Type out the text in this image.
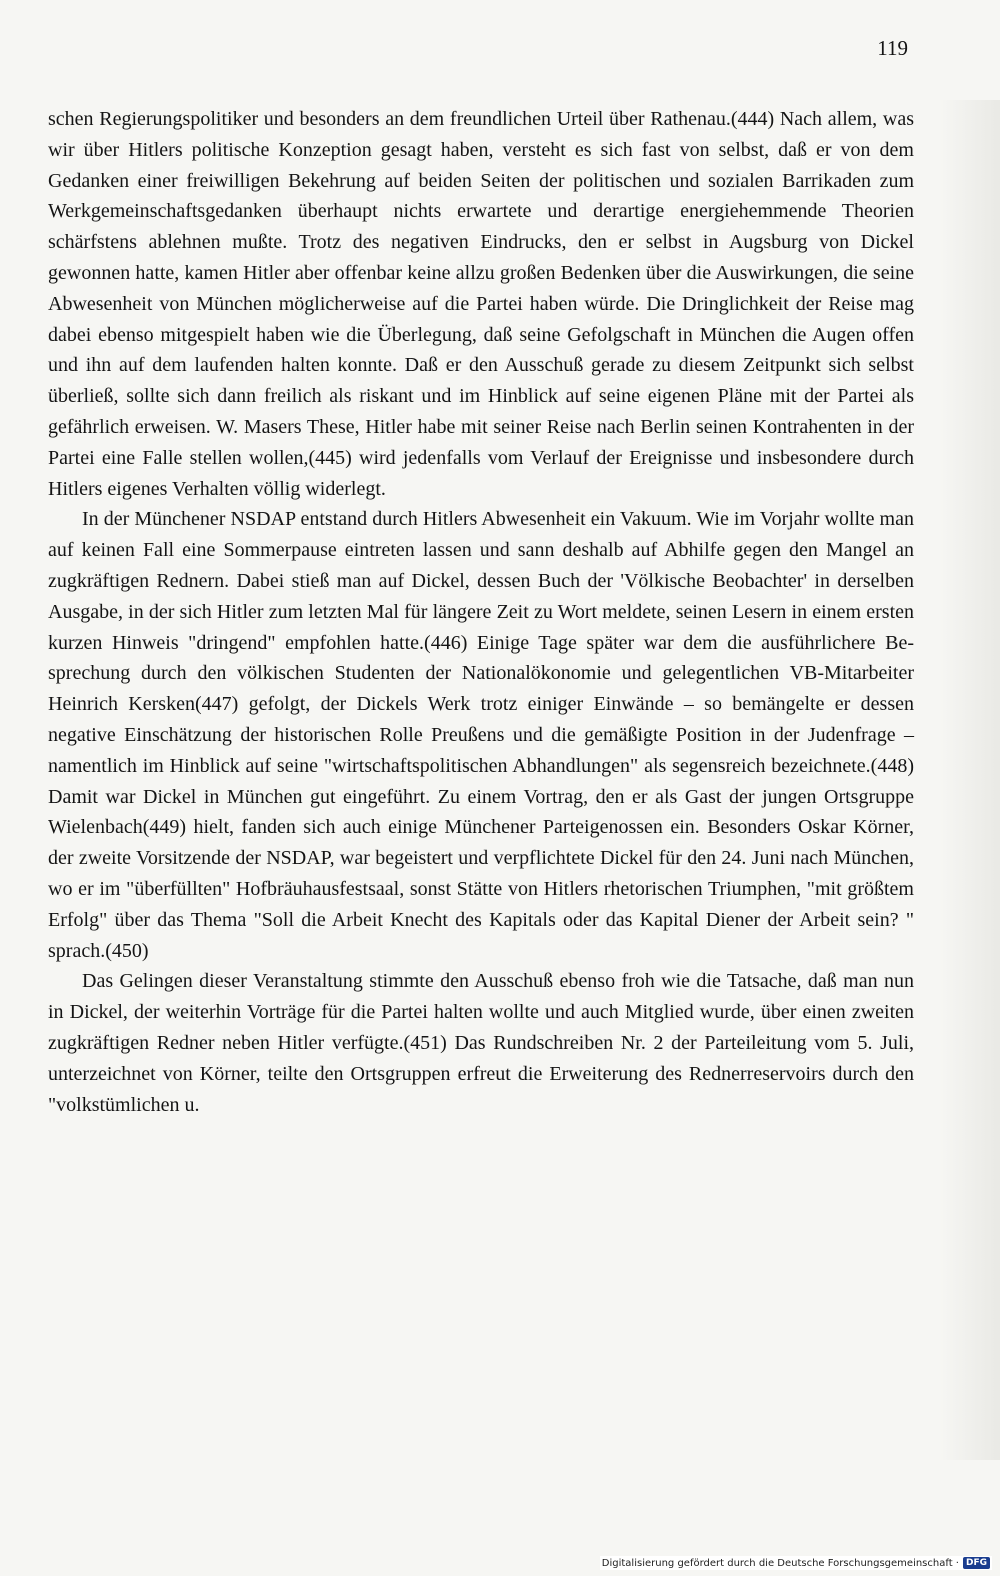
119

schen Regierungspolitiker und besonders an dem freundlichen Urteil über Rathenau.(444) Nach allem, was wir über Hitlers politische Konzeption gesagt haben, versteht es sich fast von selbst, daß er von dem Gedanken einer freiwilligen Bekehrung auf beiden Seiten der politischen und sozialen Barrikaden zum Werkgemeinschaftsgedanken überhaupt nichts erwartete und derartige energiehemmende Theorien schärfstens ablehnen mußte. Trotz des negativen Eindrucks, den er selbst in Augsburg von Dickel gewonnen hatte, kamen Hitler aber offenbar keine allzu großen Bedenken über die Auswirkungen, die seine Abwesenheit von München möglicherweise auf die Partei haben würde. Die Dringlichkeit der Reise mag dabei ebenso mitgespielt haben wie die Überlegung, daß seine Gefolgschaft in München die Augen offen und ihn auf dem laufenden halten konnte. Daß er den Ausschuß gerade zu diesem Zeitpunkt sich selbst überließ, sollte sich dann freilich als riskant und im Hinblick auf seine eigenen Pläne mit der Partei als gefährlich erweisen. W. Masers These, Hitler habe mit seiner Reise nach Berlin seinen Kontrahenten in der Partei eine Falle stellen wollen,(445) wird jedenfalls vom Verlauf der Ereignisse und insbesondere durch Hitlers eigenes Verhalten völlig widerlegt.

In der Münchener NSDAP entstand durch Hitlers Abwesenheit ein Vakuum. Wie im Vorjahr wollte man auf keinen Fall eine Sommerpause eintreten lassen und sann deshalb auf Abhilfe gegen den Mangel an zugkräftigen Rednern. Dabei stieß man auf Dickel, dessen Buch der 'Völkische Beobachter' in derselben Ausgabe, in der sich Hitler zum letzten Mal für längere Zeit zu Wort meldete, seinen Lesern in einem ersten kurzen Hinweis "dringend" empfohlen hatte.(446) Einige Tage später war dem die ausführlichere Besprechung durch den völkischen Studenten der Nationalökonomie und gelegentlichen VB-Mitarbeiter Heinrich Kersken(447) gefolgt, der Dickels Werk trotz einiger Einwände – so bemängelte er dessen negative Einschätzung der historischen Rolle Preußens und die gemäßigte Position in der Judenfrage – namentlich im Hinblick auf seine "wirtschaftspolitischen Abhandlungen" als segensreich bezeichnete.(448) Damit war Dickel in München gut eingeführt. Zu einem Vortrag, den er als Gast der jungen Ortsgruppe Wielenbach(449) hielt, fanden sich auch einige Münchener Parteigenossen ein. Besonders Oskar Körner, der zweite Vorsitzende der NSDAP, war begeistert und verpflichtete Dickel für den 24. Juni nach München, wo er im "überfüllten" Hofbräuhausfestsaal, sonst Stätte von Hitlers rhetorischen Triumphen, "mit größtem Erfolg" über das Thema "Soll die Arbeit Knecht des Kapitals oder das Kapital Diener der Arbeit sein? " sprach.(450)

Das Gelingen dieser Veranstaltung stimmte den Ausschuß ebenso froh wie die Tatsache, daß man nun in Dickel, der weiterhin Vorträge für die Partei halten wollte und auch Mitglied wurde, über einen zweiten zugkräftigen Redner neben Hitler verfügte.(451) Das Rundschreiben Nr. 2 der Parteileitung vom 5. Juli, unterzeichnet von Körner, teilte den Ortsgruppen erfreut die Erweiterung des Rednerreservoirs durch den "volkstümlichen u.

Digitalisierung gefördert durch die Deutsche Forschungsgemeinschaft · DFG
